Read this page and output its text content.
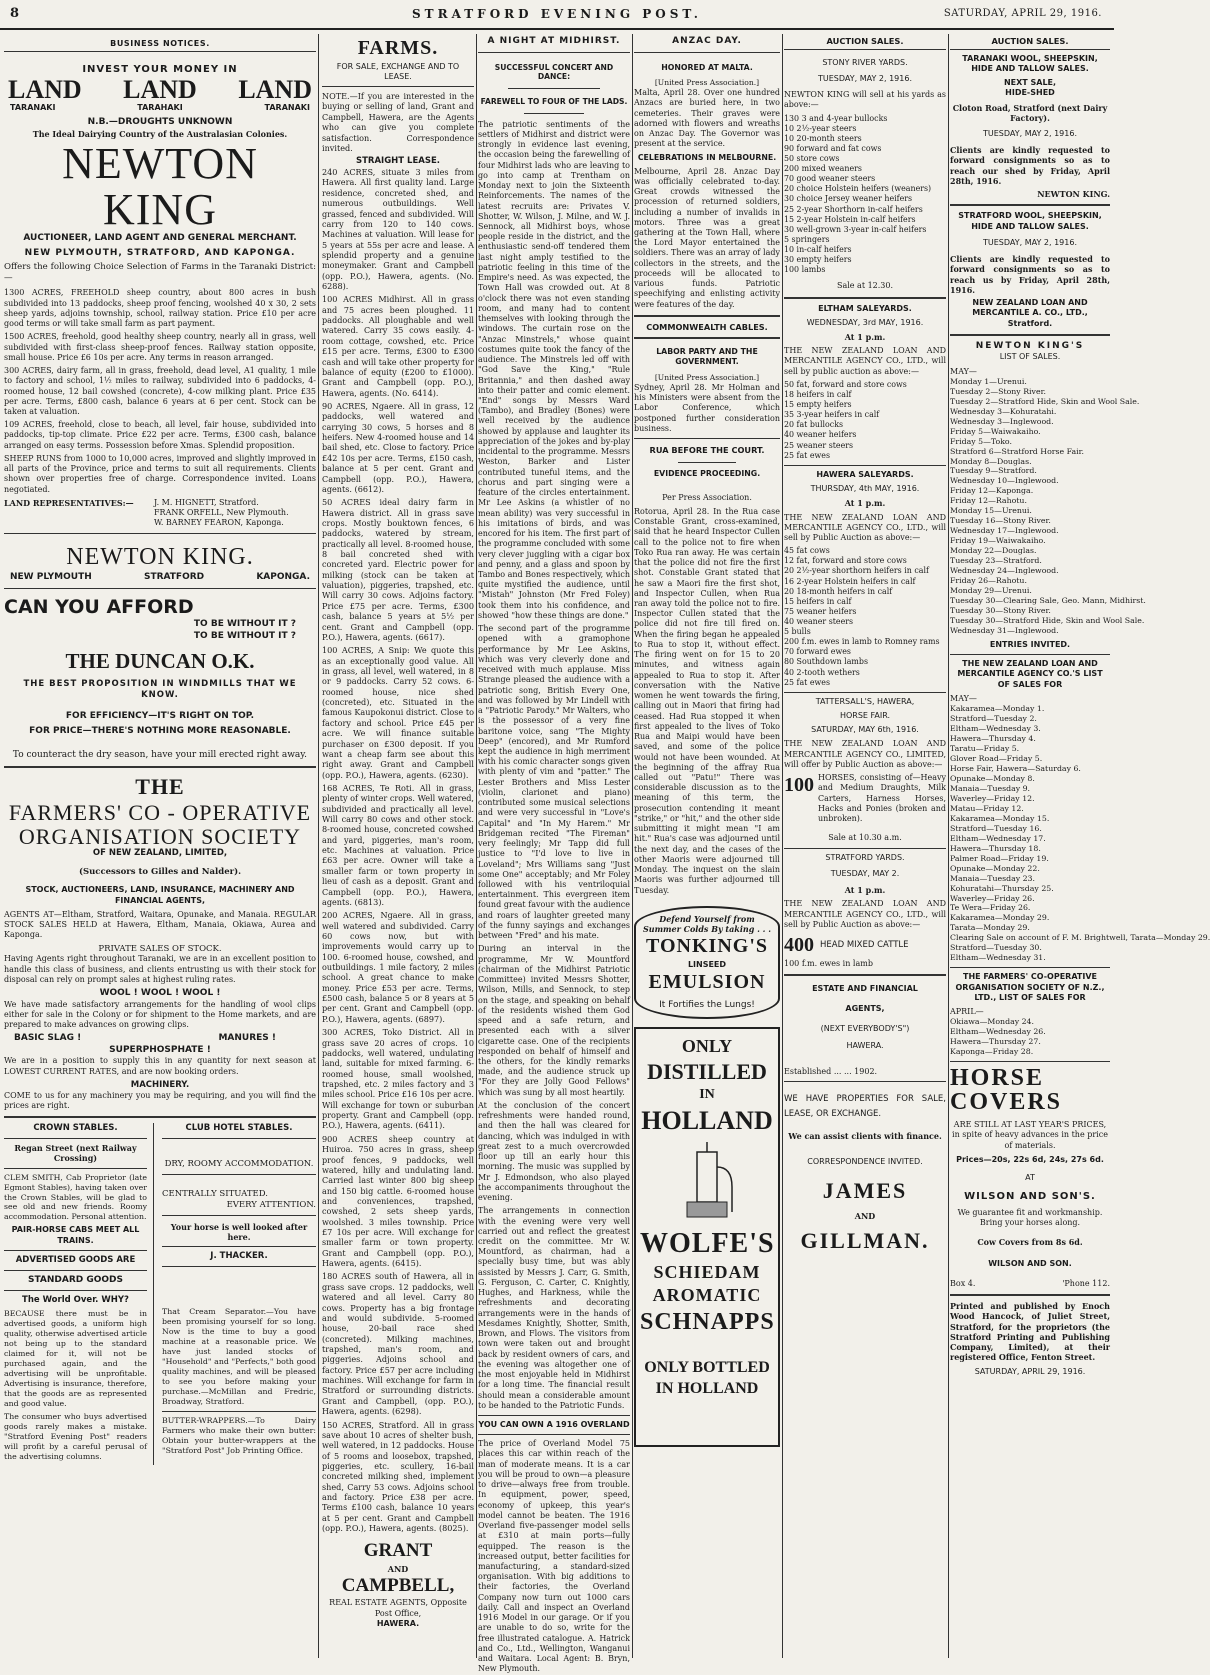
8	STRATFORD EVENING POST.	SATURDAY, APRIL 29, 1916.
BUSINESS NOTICES.
INVEST YOUR MONEY IN
LAND LAND LAND
TARANAKI	TARAHAKI	TARANAKI
N.B.—DROUGHTS UNKNOWN
The Ideal Dairying Country of the Australasian Colonies.
NEWTON KING
AUCTIONEER, LAND AGENT AND GENERAL MERCHANT.
NEW PLYMOUTH, STRATFORD, AND KAPONGA.

Offers the following Choice Selection of Farms in the Taranaki District:—

1300 ACRES, FREEHOLD sheep country, about 800 acres in bush subdivided into 13 paddocks, sheep proof fencing, woolshed 40 x 30, 2 sets sheep yards, adjoins township, school, railway station. Price £10 per acre good terms or will take small farm as part payment.

1500 ACRES, freehold, good healthy sheep country, nearly all in grass, well subdivided with first-class sheep-proof fences. Railway station opposite, small house. Price £6 10s per acre. Any terms in reason arranged.

300 ACRES, dairy farm, all in grass, freehold, dead level, A1 quality, 1 mile to factory and school, 1½ miles to railway, subdivided into 6 paddocks, 4-roomed house, 12 bail cowshed (concrete), 4-cow milking plant. Price £35 per acre. Terms, £800 cash, balance 6 years at 6 per cent. Stock can be taken at valuation.

109 ACRES, freehold, close to beach, all level, fair house, subdivided into paddocks, tip-top climate. Price £22 per acre. Terms, £300 cash, balance arranged on easy terms. Possession before Xmas. Splendid proposition.

SHEEP RUNS from 1000 to 10,000 acres, improved and slightly improved in all parts of the Province, price and terms to suit all requirements. Clients shown over properties free of charge. Correspondence invited. Loans negotiated.

LAND REPRESENTATIVES:—	J. M. HIGNETT, Stratford.
FRANK ORFELL, New Plymouth.
W. BARNEY FEARON, Kaponga.
NEWTON KING.
NEW PLYMOUTH	STRATFORD	KAPONGA.
CAN YOU AFFORD
TO BE WITHOUT IT ?
TO BE WITHOUT IT ?
THE DUNCAN O.K.
THE BEST PROPOSITION IN WINDMILLS THAT WE KNOW.
FOR EFFICIENCY—IT'S RIGHT ON TOP.
FOR PRICE—THERE'S NOTHING MORE REASONABLE.
To counteract the dry season, have your mill erected right away.
THE
FARMERS' CO - OPERATIVE
ORGANISATION SOCIETY
OF NEW ZEALAND, LIMITED,
(Successors to Gilles and Nalder).
STOCK, AUCTIONEERS, LAND, INSURANCE, MACHINERY AND FINANCIAL AGENTS,

AGENTS AT—Eltham, Stratford, Waitara, Opunake, and Manaia. REGULAR STOCK SALES HELD at Hawera, Eltham, Manaia, Okiawa, Aurea and Kaponga.

PRIVATE SALES OF STOCK.

Having Agents right throughout Taranaki, we are in an excellent position to handle this class of business, and clients entrusting us with their stock for disposal can rely on prompt sales at highest ruling rates.

WOOL ! WOOL ! WOOL !

We have made satisfactory arrangements for the handling of wool clips either for sale in the Colony or for shipment to the Home markets, and are prepared to make advances on growing clips.

BASIC SLAG !	MANURES !
SUPERPHOSPHATE !

We are in a position to supply this in any quantity for next season at LOWEST CURRENT RATES, and are now booking orders.

MACHINERY.

COME to us for any machinery you may be requiring, and you will find the prices are right.

CROWN STABLES.
Regan Street (next Railway Crossing)

CLEM SMITH, Cab Proprietor (late Egmont Stables), having taken over the Crown Stables, will be glad to see old and new friends. Roomy accommodation. Personal attention.

PAIR-HORSE CABS MEET ALL TRAINS.
ADVERTISED GOODS ARE
STANDARD GOODS
The World Over. WHY?

BECAUSE there must be in advertised goods, a uniform high quality, otherwise advertised article not being up to the standard claimed for it, will not be purchased again, and the advertising will be unprofitable. Advertising is insurance, therefore, that the goods are as represented and good value.

The consumer who buys advertised goods rarely makes a mistake. "Stratford Evening Post" readers will profit by a careful perusal of the advertising columns.

CLUB HOTEL STABLES.
DRY, ROOMY ACCOMMODATION.
CENTRALLY SITUATED.
EVERY ATTENTION.
Your horse is well looked after here.
J. THACKER.

That Cream Separator.—You have been promising yourself for so long. Now is the time to buy a good machine at a reasonable price. We have just landed stocks of "Household" and "Perfects," both good quality machines, and will be pleased to see you before making your purchase.—McMillan and Fredric, Broadway, Stratford.

BUTTER-WRAPPERS.—To Dairy Farmers who make their own butter: Obtain your butter-wrappers at the "Stratford Post" Job Printing Office.

FARMS.
FOR SALE, EXCHANGE AND TO LEASE.

NOTE.—If you are interested in the buying or selling of land, Grant and Campbell, Hawera, are the Agents who can give you complete satisfaction. Correspondence invited.

STRAIGHT LEASE.

240 ACRES, situate 3 miles from Hawera. All first quality land. Large residence, concreted shed, and numerous outbuildings. Well grassed, fenced and subdivided. Will carry from 120 to 140 cows. Machines at valuation. Will lease for 5 years at 55s per acre and lease. A splendid property and a genuine moneymaker. Grant and Campbell (opp. P.O.), Hawera, agents. (No. 6288).

100 ACRES Midhirst. All in grass and 75 acres been ploughed. 11 paddocks. All ploughable and well watered. Carry 35 cows easily. 4-room cottage, cowshed, etc. Price £15 per acre. Terms, £300 to £300 cash and will take other property for balance of equity (£200 to £1000). Grant and Campbell (opp. P.O.), Hawera, agents. (No. 6414).

90 ACRES, Ngaere. All in grass, 12 paddocks, well watered and carrying 30 cows, 5 horses and 8 heifers. New 4-roomed house and 14 bail shed, etc. Close to factory. Price £42 10s per acre. Terms, £150 cash, balance at 5 per cent. Grant and Campbell (opp. P.O.), Hawera, agents. (6612).

50 ACRES ideal dairy farm in Hawera district. All in grass save crops. Mostly bouktown fences, 6 paddocks, watered by stream, practically all level. 8-roomed house, 8 bail concreted shed with concreted yard. Electric power for milking (stock can be taken at valuation), piggeries, trapshed, etc. Will carry 30 cows. Adjoins factory. Price £75 per acre. Terms, £300 cash, balance 5 years at 5½ per cent. Grant and Campbell (opp. P.O.), Hawera, agents. (6617).

100 ACRES, A Snip: We quote this as an exceptionally good value. All in grass, all level, well watered, in 8 or 9 paddocks. Carry 52 cows. 6-roomed house, nice shed (concreted), etc. Situated in the famous Kaupokonui district. Close to factory and school. Price £45 per acre. We will finance suitable purchaser on £300 deposit. If you want a cheap farm see about this right away. Grant and Campbell (opp. P.O.), Hawera, agents. (6230).

168 ACRES, Te Roti. All in grass, plenty of winter crops. Well watered, subdivided and practically all level. Will carry 80 cows and other stock. 8-roomed house, concreted cowshed and yard, piggeries, man's room, etc. Machines at valuation. Price £63 per acre. Owner will take a smaller farm or town property in lieu of cash as a deposit. Grant and Campbell (opp. P.O.), Hawera, agents. (6813).

200 ACRES, Ngaere. All in grass, well watered and subdivided. Carry 60 cows now, but with improvements would carry up to 100. 6-roomed house, cowshed, and outbuildings. 1 mile factory, 2 miles school. A great chance to make money. Price £53 per acre. Terms, £500 cash, balance 5 or 8 years at 5 per cent. Grant and Campbell (opp. P.O.), Hawera, agents. (6897).

300 ACRES, Toko District. All in grass save 20 acres of crops. 10 paddocks, well watered, undulating land, suitable for mixed farming. 6-roomed house, small woolshed, trapshed, etc. 2 miles factory and 3 miles school. Price £16 10s per acre. Will exchange for town or suburban property. Grant and Campbell (opp. P.O.), Hawera, agents. (6411).

900 ACRES sheep country at Huiroa. 750 acres in grass, sheep proof fences, 9 paddocks, well watered, hilly and undulating land. Carried last winter 800 big sheep and 150 big cattle. 6-roomed house and conveniences, trapshed, cowshed, 2 sets sheep yards, woolshed. 3 miles township. Price £7 10s per acre. Will exchange for smaller farm or town property. Grant and Campbell (opp. P.O.), Hawera, agents. (6415).

180 ACRES south of Hawera, all in grass save crops. 12 paddocks, well watered and all level. Carry 80 cows. Property has a big frontage and would subdivide. 5-roomed house, 20-bail race shed (concreted). Milking machines, trapshed, man's room, and piggeries. Adjoins school and factory. Price £57 per acre including machines. Will exchange for farm in Stratford or surrounding districts. Grant and Campbell, (opp. P.O.), Hawera, agents. (6298).

150 ACRES, Stratford. All in grass save about 10 acres of shelter bush, well watered, in 12 paddocks. House of 5 rooms and loosebox, trapshed, piggeries, etc. scullery, 16-bail concreted milking shed, implement shed, Carry 53 cows. Adjoins school and factory. Price £38 per acre. Terms £100 cash, balance 10 years at 5 per cent. Grant and Campbell (opp. P.O.), Hawera, agents. (8025).

GRANT
AND
CAMPBELL,
REAL ESTATE AGENTS, Opposite Post Office,
HAWERA.
A NIGHT AT MIDHIRST.
SUCCESSFUL CONCERT AND DANCE:
FAREWELL TO FOUR OF THE LADS.

The patriotic sentiments of the settlers of Midhirst and district were strongly in evidence last evening, the occasion being the farewelling of four Midhirst lads who are leaving to go into camp at Trentham on Monday next to join the Sixteenth Reinforcements. The names of the latest recruits are: Privates V. Shotter, W. Wilson, J. Milne, and W. J. Sennock, all Midhirst boys, whose people reside in the district, and the enthusiastic send-off tendered them last night amply testified to the patriotic feeling in this time of the Empire's need. As was expected, the Town Hall was crowded out. At 8 o'clock there was not even standing room, and many had to content themselves with looking through the windows. The curtain rose on the "Anzac Minstrels," whose quaint costumes quite took the fancy of the audience. The Minstrels led off with "God Save the King," "Rule Britannia," and then dashed away into their patter and comic element. "End" songs by Messrs Ward (Tambo), and Bradley (Bones) were well received by the audience showed by applause and laughter its appreciation of the jokes and by-play incidental to the programme. Messrs Weston, Barker and Lister contributed tuneful items, and the chorus and part singing were a feature of the circles entertainment. Mr Lee Askins (a whistler of no mean ability) was very successful in his imitations of birds, and was encored for his item. The first part of the programme concluded with some very clever juggling with a cigar box and penny, and a glass and spoon by Tambo and Bones respectively, which quite mystified the audience, until "Mistah" Johnston (Mr Fred Foley) took them into his confidence, and showed "how these things are done."

The second part of the programme opened with a gramophone performance by Mr Lee Askins, which was very cleverly done and received with much applause. Miss Strange pleased the audience with a patriotic song, British Every One, and was followed by Mr Lindell with a "Patriotic Parody." Mr Walters, who is the possessor of a very fine baritone voice, sang "The Mighty Deep" (encored), and Mr Rumford kept the audience in high merriment with his comic character songs given with plenty of vim and "patter." The Lester Brothers and Miss Lester (violin, clarionet and piano) contributed some musical selections and were very successful in "Love's Capital" and "In My Harem." Mr Bridgeman recited "The Fireman" very feelingly; Mr Tapp did full justice to "I'd love to live in Loveland"; Mrs Williams sang "Just some One" acceptably; and Mr Foley followed with his ventriloquial entertainment. This evergreen item found great favour with the audience and roars of laughter greeted many of the funny sayings and exchanges between "Fred" and his mate.

During an interval in the programme, Mr W. Mountford (chairman of the Midhirst Patriotic Committee) invited Messrs Shotter, Wilson, Mills, and Sennock, to step on the stage, and speaking on behalf of the residents wished them God speed and a safe return, and presented each with a silver cigarette case. One of the recipients responded on behalf of himself and the others, for the kindly remarks made, and the audience struck up "For they are Jolly Good Fellows" which was sung by all most heartily.

At the conclusion of the concert refreshments were handed round, and then the hall was cleared for dancing, which was indulged in with great zest to a much overcrowded floor up till an early hour this morning. The music was supplied by Mr J. Edmondson, who also played the accompaniments throughout the evening.

The arrangements in connection with the evening were very well carried out and reflect the greatest credit on the committee. Mr W. Mountford, as chairman, had a specially busy time, but was ably assisted by Messrs J. Carr, G. Smith, G. Ferguson, C. Carter, C. Knightly, Hughes, and Harkness, while the refreshments and decorating arrangements were in the hands of Mesdames Knightly, Shotter, Smith, Brown, and Flows. The visitors from town were taken out and brought back by resident owners of cars, and the evening was altogether one of the most enjoyable held in Midhirst for a long time. The financial result should mean a considerable amount to be handed to the Patriotic Funds.

YOU CAN OWN A 1916 OVERLAND

The price of Overland Model 75 places this car within reach of the man of moderate means. It is a car you will be proud to own—a pleasure to drive—always free from trouble. In equipment, power, speed, economy of upkeep, this year's model cannot be beaten. The 1916 Overland five-passenger model sells at £310 at main ports—fully equipped. The reason is the increased output, better facilities for manufacturing, a standard-sized organisation. With big additions to their factories, the Overland Company now turn out 1000 cars daily. Call and inspect an Overland 1916 Model in our garage. Or if you are unable to do so, write for the free illustrated catalogue. A. Hatrick and Co., Ltd., Wellington, Wanganui and Waitara. Local Agent: B. Bryn, New Plymouth.

ANZAC DAY.
HONORED AT MALTA.
[United Press Association.]

Malta, April 28. Over one hundred Anzacs are buried here, in two cemeteries. Their graves were adorned with flowers and wreaths on Anzac Day. The Governor was present at the service.

CELEBRATIONS IN MELBOURNE.

Melbourne, April 28. Anzac Day was officially celebrated to-day. Great crowds witnessed the procession of returned soldiers, including a number of invalids in motors. Three was a great gathering at the Town Hall, where the Lord Mayor entertained the soldiers. There was an array of lady collectors in the streets, and the proceeds will be allocated to various funds. Patriotic speechifying and enlisting activity were features of the day.

COMMONWEALTH CABLES.
LABOR PARTY AND THE GOVERNMENT.
[United Press Association.]

Sydney, April 28. Mr Holman and his Ministers were absent from the Labor Conference, which postponed further consideration business.

RUA BEFORE THE COURT.
EVIDENCE PROCEEDING.
Per Press Association.

Rotorua, April 28. In the Rua case Constable Grant, cross-examined, said that he heard Inspector Cullen call to the police not to fire when Toko Rua ran away. He was certain that the police did not fire the first shot. Constable Grant stated that he saw a Maori fire the first shot, and Inspector Cullen, when Rua ran away told the police not to fire. Inspector Cullen stated that the police did not fire till fired on. When the firing began he appealed to Rua to stop it, without effect. The firing went on for 15 to 20 minutes, and witness again appealed to Rua to stop it. After conversation with the Native women he went towards the firing, calling out in Maori that firing had ceased. Had Rua stopped it when first appealed to the lives of Toko Rua and Maipi would have been saved, and some of the police would not have been wounded. At the beginning of the affray Rua called out "Patu!" There was considerable discussion as to the meaning of this term, the prosecution contending it meant "strike," or "hit," and the other side submitting it might mean "I am hit." Rua's case was adjourned until the next day, and the cases of the other Maoris were adjourned till Monday. The inquest on the slain Maoris was further adjourned till Tuesday.

Defend Yourself from Summer Colds By taking . . .
TONKING'S
LINSEED
EMULSION
It Fortifies the Lungs!
ONLY
DISTILLED
IN
HOLLAND
WOLFE'S
SCHIEDAM
AROMATIC
SCHNAPPS
ONLY BOTTLED
IN HOLLAND
AUCTION SALES.
STONY RIVER YARDS.
TUESDAY, MAY 2, 1916.

NEWTON KING will sell at his yards as above:—

130 3 and 4-year bullocks
10 2½-year steers
10 20-month steers
90 forward and fat cows
50 store cows
200 mixed weaners
70 good weaner steers
20 choice Holstein heifers (weaners)
30 choice Jersey weaner heifers
25 2-year Shorthorn in-calf heifers
15 2-year Holstein in-calf heifers
30 well-grown 3-year in-calf heifers
5 springers
10 in-calf heifers
30 empty heifers
100 lambs
Sale at 12.30.
ELTHAM SALEYARDS.
WEDNESDAY, 3rd MAY, 1916.
At 1 p.m.

THE NEW ZEALAND LOAN AND MERCANTILE AGENCY CO., LTD., will sell by public auction as above:—

50 fat, forward and store cows
18 heifers in calf
15 empty heifers
35 3-year heifers in calf
20 fat bullocks
40 weaner heifers
25 weaner steers
25 fat ewes
HAWERA SALEYARDS.
THURSDAY, 4th MAY, 1916.
At 1 p.m.

THE NEW ZEALAND LOAN AND MERCANTILE AGENCY CO., LTD., will sell by Public Auction as above:—

45 fat cows
12 fat, forward and store cows
20 2½-year shorthorn heifers in calf
16 2-year Holstein heifers in calf
20 18-month heifers in calf
15 heifers in calf
75 weaner heifers
40 weaner steers
5 bulls
200 f.m. ewes in lamb to Romney rams
70 forward ewes
80 Southdown lambs
40 2-tooth wethers
25 fat ewes
TATTERSALL'S, HAWERA,
HORSE FAIR.
SATURDAY, MAY 6th, 1916.

THE NEW ZEALAND LOAN AND MERCANTILE AGENCY CO., LIMITED, will offer by Public Auction as above:—

100 HORSES, consisting of—Heavy and Medium Draughts, Milk Carters, Harness Horses, Hacks and Ponies (broken and unbroken).

Sale at 10.30 a.m.
STRATFORD YARDS.
TUESDAY, MAY 2.
At 1 p.m.

THE NEW ZEALAND LOAN AND MERCANTILE AGENCY CO., LTD., will sell by Public Auction as above:—

400 HEAD MIXED CATTLE
100 f.m. ewes in lamb
ESTATE AND FINANCIAL
AGENTS,
(NEXT EVERYBODY'S")
HAWERA.
Established ... ... 1902.

WE HAVE PROPERTIES FOR SALE, LEASE, OR EXCHANGE.

We can assist clients with finance.
CORRESPONDENCE INVITED.
JAMES
AND
GILLMAN.
AUCTION SALES.
TARANAKI WOOL, SHEEPSKIN, HIDE AND TALLOW SALES.
NEXT SALE,
HIDE-SHED
Cloton Road, Stratford (next Dairy Factory).
TUESDAY, MAY 2, 1916.

Clients are kindly requested to forward consignments so as to reach our shed by Friday, April 28th, 1916.

NEWTON KING.
STRATFORD WOOL, SHEEPSKIN, HIDE AND TALLOW SALES.
TUESDAY, MAY 2, 1916.

Clients are kindly requested to forward consignments so as to reach us by Friday, April 28th, 1916.

NEW ZEALAND LOAN AND MERCANTILE A. CO., LTD., Stratford.
NEWTON KING'S
LIST OF SALES.
MAY—
Monday 1—Urenui.
Tuesday 2—Stony River.
Tuesday 2—Stratford Hide, Skin and Wool Sale.
Wednesday 3—Kohuratahi.
Wednesday 3—Inglewood.
Friday 5—Waiwakaiho.
Friday 5—Toko.
Stratford 6—Stratford Horse Fair.
Monday 8—Douglas.
Tuesday 9—Stratford.
Wednesday 10—Inglewood.
Friday 12—Kaponga.
Friday 12—Rahotu.
Monday 15—Urenui.
Tuesday 16—Stony River.
Wednesday 17—Inglewood.
Friday 19—Waiwakaiho.
Monday 22—Douglas.
Tuesday 23—Stratford.
Wednesday 24—Inglewood.
Friday 26—Rahotu.
Monday 29—Urenui.
Tuesday 30—Clearing Sale, Geo. Mann, Midhirst.
Tuesday 30—Stony River.
Tuesday 30—Stratford Hide, Skin and Wool Sale.
Wednesday 31—Inglewood.
ENTRIES INVITED.
THE NEW ZEALAND LOAN AND MERCANTILE AGENCY CO.'S LIST OF SALES FOR
MAY—
Kakaramea—Monday 1.
Stratford—Tuesday 2.
Eltham—Wednesday 3.
Hawera—Thursday 4.
Taratu—Friday 5.
Glover Road—Friday 5.
Horse Fair, Hawera—Saturday 6.
Opunake—Monday 8.
Manaia—Tuesday 9.
Waverley—Friday 12.
Matau—Friday 12.
Kakaramea—Monday 15.
Stratford—Tuesday 16.
Eltham—Wednesday 17.
Hawera—Thursday 18.
Palmer Road—Friday 19.
Opunake—Monday 22.
Manaia—Tuesday 23.
Kohuratahi—Thursday 25.
Waverley—Friday 26.
Te Wera—Friday 26.
Kakaramea—Monday 29.
Tarata—Monday 29.
Clearing Sale on account of F. M. Brightwell, Tarata—Monday 29.
Stratford—Tuesday 30.
Eltham—Wednesday 31.
THE FARMERS' CO-OPERATIVE ORGANISATION SOCIETY OF N.Z., LTD., LIST OF SALES FOR
APRIL—
Okiawa—Monday 24.
Eltham—Wednesday 26.
Hawera—Thursday 27.
Kaponga—Friday 28.
HORSE
COVERS

ARE STILL AT LAST YEAR'S PRICES, in spite of heavy advances in the price of materials.

Prices—20s, 22s 6d, 24s, 27s 6d.
AT
WILSON AND SON'S.

We guarantee fit and workmanship. Bring your horses along.

Cow Covers from 8s 6d.
WILSON AND SON.
Box 4.	'Phone 112.

Printed and published by Enoch Wood Hancock, of Juliet Street, Stratford, for the proprietors (the Stratford Printing and Publishing Company, Limited), at their registered Office, Fenton Street.

SATURDAY, APRIL 29, 1916.
